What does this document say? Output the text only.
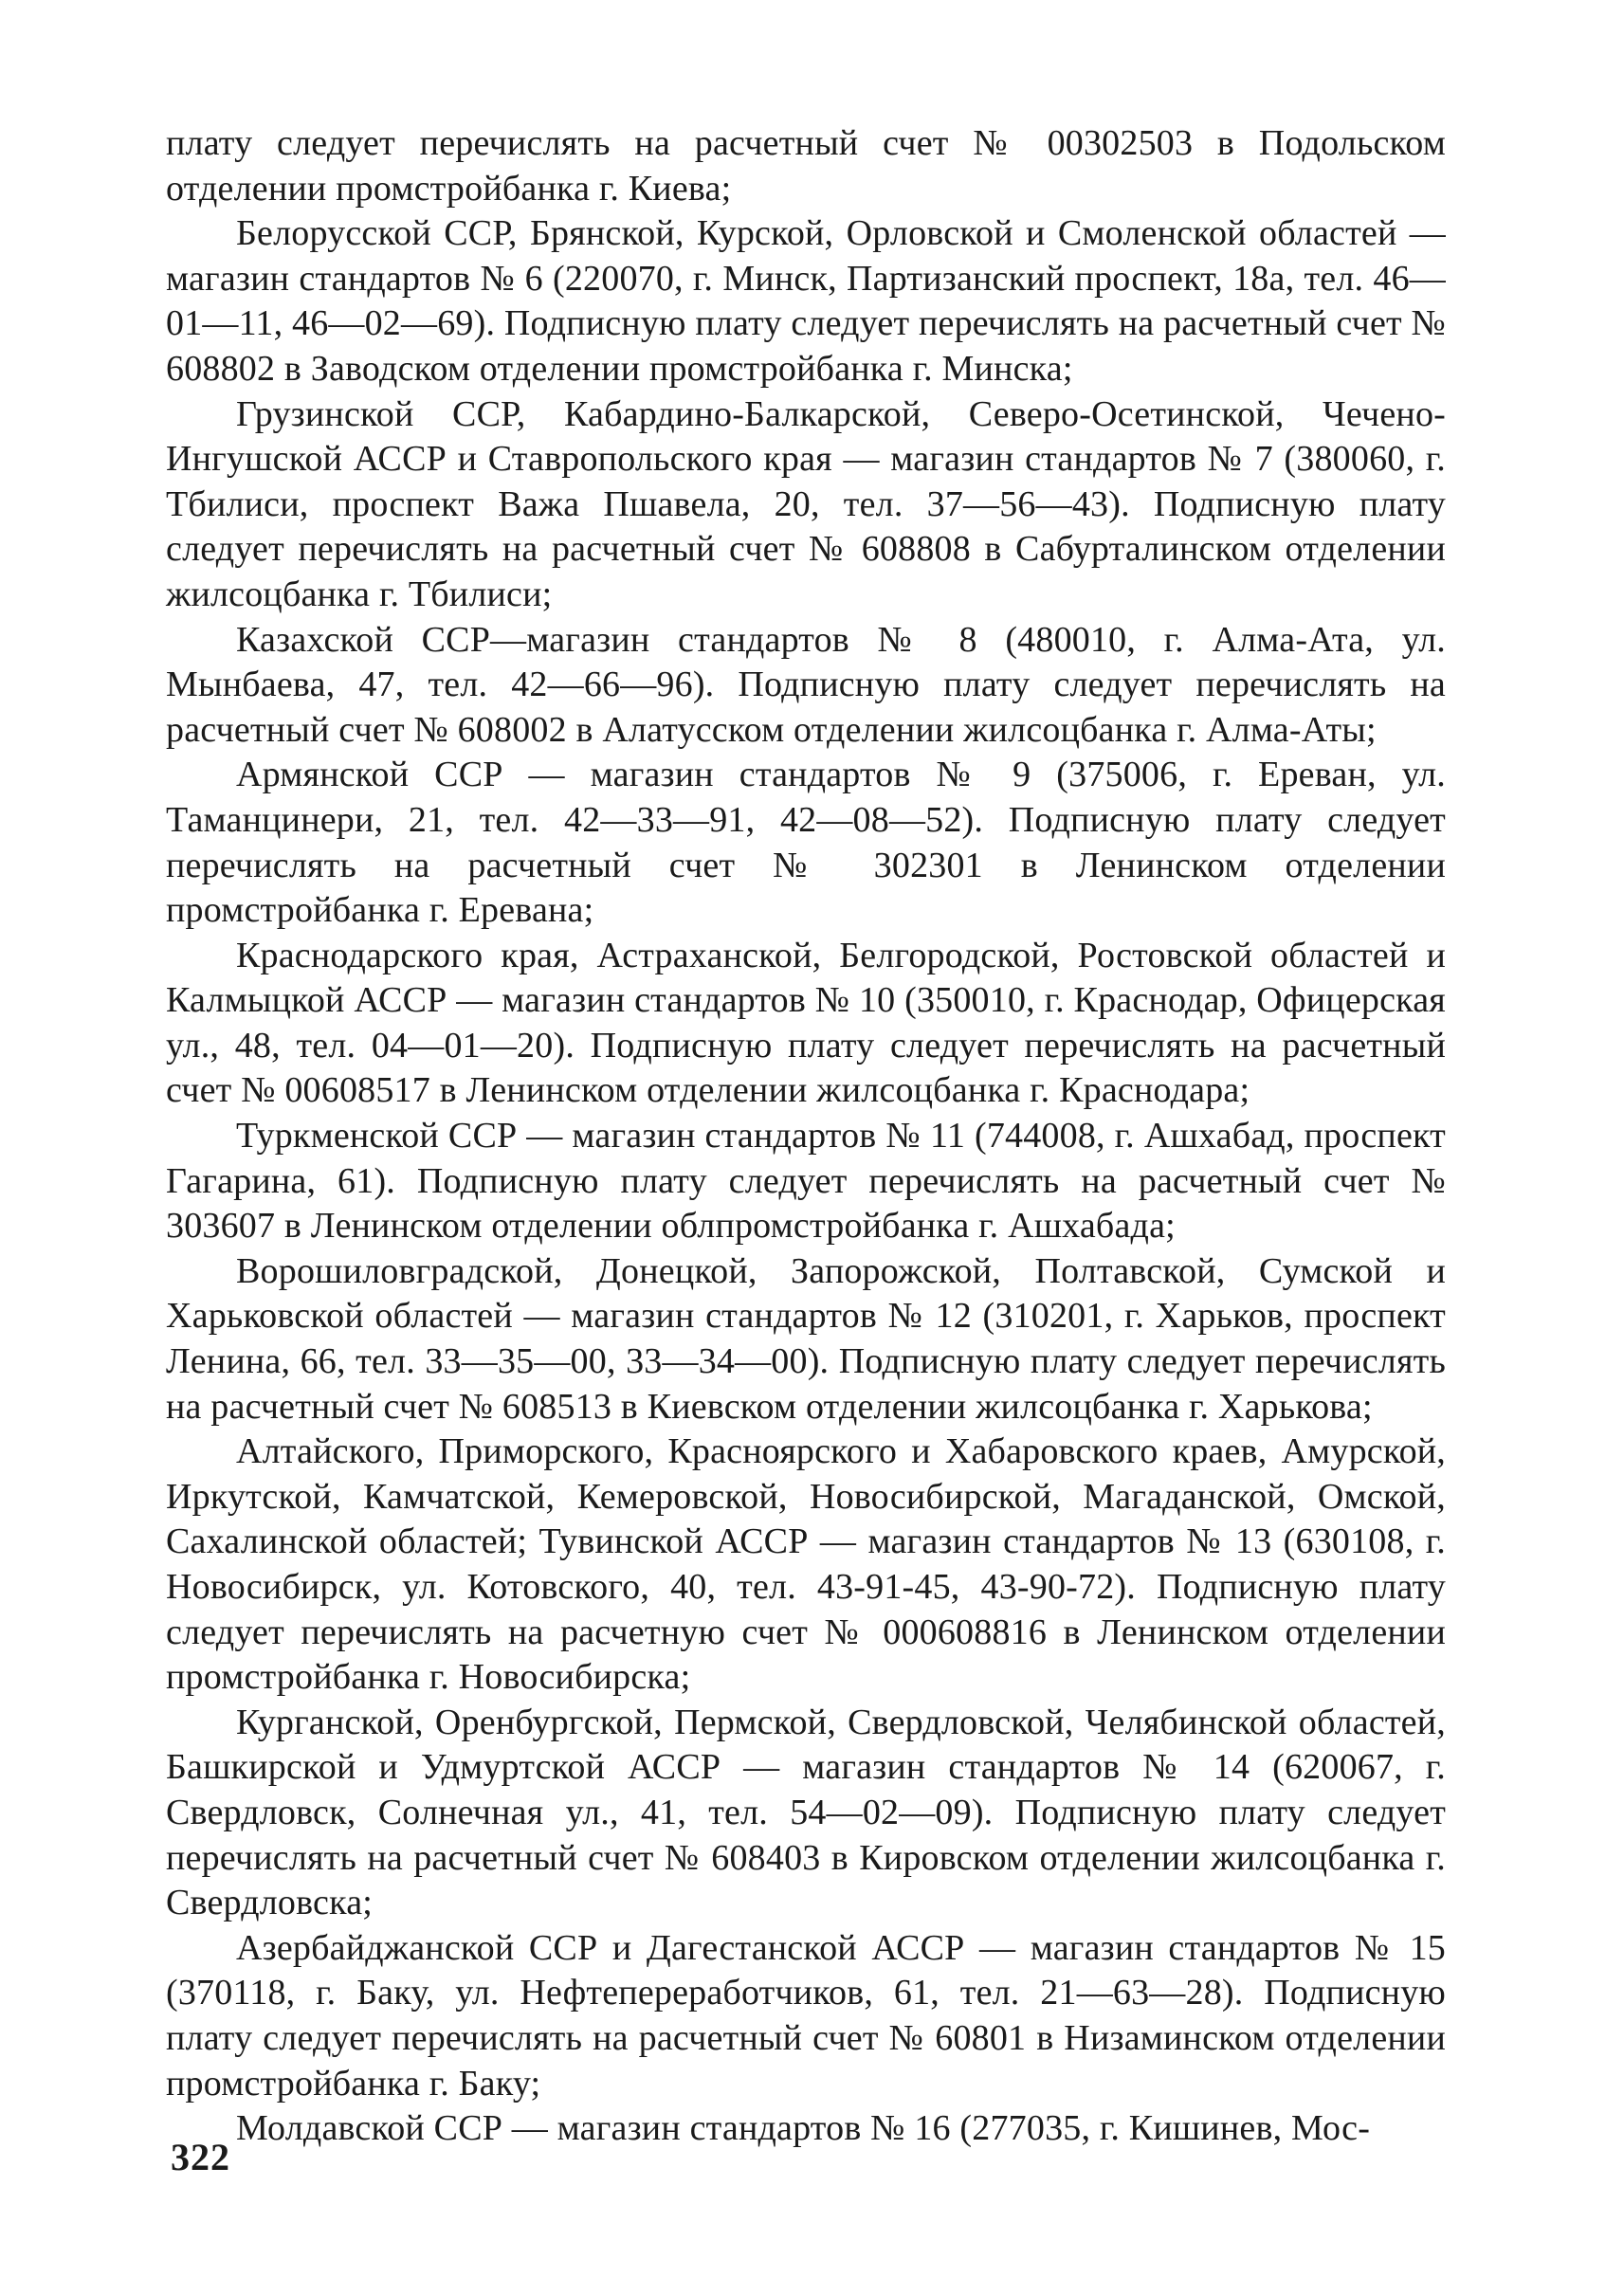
плату следует перечислять на расчетный счет № 00302503 в Подольском отделении промстройбанка г. Киева;

Белорусской ССР, Брянской, Курской, Орловской и Смоленской областей — магазин стандартов № 6 (220070, г. Минск, Партизанский проспект, 18а, тел. 46—01—11, 46—02—69). Подписную плату следует перечислять на расчетный счет № 608802 в Заводском отделении промстройбанка г. Минска;

Грузинской ССР, Кабардино-Балкарской, Северо-Осетинской, Чечено-Ингушской АССР и Ставропольского края — магазин стандартов № 7 (380060, г. Тбилиси, проспект Важа Пшавела, 20, тел. 37—56—43). Подписную плату следует перечислять на расчетный счет № 608808 в Сабурталинском отделении жилсоцбанка г. Тбилиси;

Казахской ССР—магазин стандартов № 8 (480010, г. Алма-Ата, ул. Мынбаева, 47, тел. 42—66—96). Подписную плату следует перечислять на расчетный счет № 608002 в Алатусском отделении жилсоцбанка г. Алма-Аты;

Армянской ССР — магазин стандартов № 9 (375006, г. Ереван, ул. Таманцинери, 21, тел. 42—33—91, 42—08—52). Подписную плату следует перечислять на расчетный счет № 302301 в Ленинском отделении промстройбанка г. Еревана;

Краснодарского края, Астраханской, Белгородской, Ростовской областей и Калмыцкой АССР — магазин стандартов № 10 (350010, г. Краснодар, Офицерская ул., 48, тел. 04—01—20). Подписную плату следует перечислять на расчетный счет № 00608517 в Ленинском отделении жилсоцбанка г. Краснодара;

Туркменской ССР — магазин стандартов № 11 (744008, г. Ашхабад, проспект Гагарина, 61). Подписную плату следует перечислять на расчетный счет № 303607 в Ленинском отделении облпромстройбанка г. Ашхабада;

Ворошиловградской, Донецкой, Запорожской, Полтавской, Сумской и Харьковской областей — магазин стандартов № 12 (310201, г. Харьков, проспект Ленина, 66, тел. 33—35—00, 33—34—00). Подписную плату следует перечислять на расчетный счет № 608513 в Киевском отделении жилсоцбанка г. Харькова;

Алтайского, Приморского, Красноярского и Хабаровского краев, Амурской, Иркутской, Камчатской, Кемеровской, Новосибирской, Магаданской, Омской, Сахалинской областей; Тувинской АССР — магазин стандартов № 13 (630108, г. Новосибирск, ул. Котовского, 40, тел. 43-91-45, 43-90-72). Подписную плату следует перечислять на расчетную счет № 000608816 в Ленинском отделении промстройбанка г. Новосибирска;

Курганской, Оренбургской, Пермской, Свердловской, Челябинской областей, Башкирской и Удмуртской АССР — магазин стандартов № 14 (620067, г. Свердловск, Солнечная ул., 41, тел. 54—02—09). Подписную плату следует перечислять на расчетный счет № 608403 в Кировском отделении жилсоцбанка г. Свердловска;

Азербайджанской ССР и Дагестанской АССР — магазин стандартов № 15 (370118, г. Баку, ул. Нефтепереработчиков, 61, тел. 21—63—28). Подписную плату следует перечислять на расчетный счет № 60801 в Низаминском отделении промстройбанка г. Баку;

Молдавской ССР — магазин стандартов № 16 (277035, г. Кишинев, Мос-

322
